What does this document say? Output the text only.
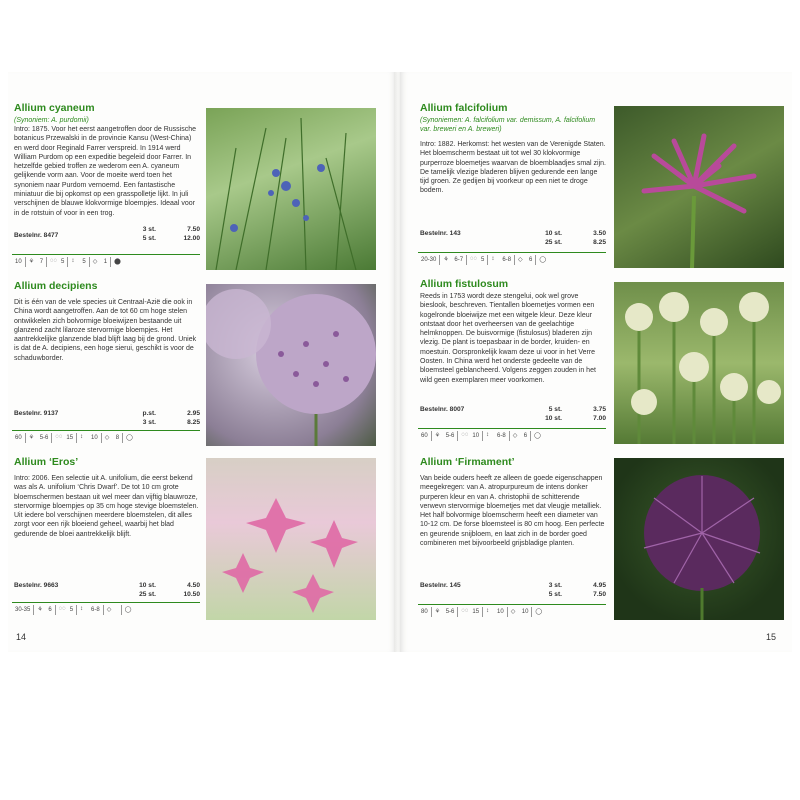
Allium cyaneum
(Synoniem: A. purdomii)
Intro: 1875. Voor het eerst aangetroffen door de Russische botanicus Przewalski in de provincie Kansu (West-China) en werd door Reginald Farrer verspreid. In 1914 werd William Purdom op een expeditie begeleid door Farrer. In hetzelfde gebied troffen ze wederom een A. cyaneum gelijkende vorm aan. Voor de moeite werd toen het synoniem naar Purdom vernoemd. Een fantastische miniatuur die bij opkomst op een grasspolletje lijkt. In juli verschijnen de blauwe klokvormige bloempjes. Ideaal voor in de rotstuin of voor in een trog.
Bestelnr. 8477
3 st.	7.50
5 st.	12.00
10 ⚘ 7 ◌◌ 5 ↕	5 ◇	1 ⬤
Allium decipiens
Dit is één van de vele species uit Centraal-Azië die ook in China wordt aangetroffen. Aan de tot 60 cm hoge stelen ontwikkelen zich bolvormige bloeiwijzen bestaande uit glanzend zacht lilaroze stervormige bloempjes. Het aantrekkelijke glanzende blad blijft laag bij de grond. Uniek is dat de A. decipiens, een hoge sierui, geschikt is voor de schaduwborder.
Bestelnr. 9137	p.st.	2.95
3 st.	8.25
60 ⚘ 5-6 ◌◌ 15 ↕	10 ◇	8 ◯
Allium ‘Eros’
Intro: 2006. Een selectie uit A. unifolium, die eerst bekend was als A. unifolium ‘Chris Dwarf’. De tot 10 cm grote bloemschermen bestaan uit wel meer dan vijftig blauwroze, stervormige bloempjes op 35 cm hoge stevige bloemstelen. Uit iedere bol verschijnen meerdere bloemstelen, dit alles zorgt voor een rijk bloeiend geheel, waarbij het blad gedurende de bloei aantrekkelijk blijft.
Bestelnr. 9663	10 st.	4.50
25 st.	10.50
30-35 ⚘ 6 ◌◌ 5 ↕	6-8 ◇	◯
14
Allium falcifolium
(Synoniemen: A. falcifolium var. demissum, A. falcifolium var. breweri en A. breweri)
Intro: 1882. Herkomst: het westen van de Verenigde Staten. Het bloemscherm bestaat uit tot wel 30 klokvormige purperroze bloemetjes waarvan de bloemblaadjes smal zijn. De tamelijk vlezige bladeren blijven gedurende een lange tijd groen. Ze gedijen bij voorkeur op een niet te droge bodem.
Bestelnr. 143	10 st.	3.50
25 st.	8.25
20-30 ⚘ 6-7 ◌◌ 5 ↕	6-8 ◇	6 ◯
Allium fistulosum
Reeds in 1753 wordt deze stengelui, ook wel grove bieslook, beschreven. Tientallen bloemetjes vormen een kogelronde bloeiwijze met een witgele kleur. Deze kleur ontstaat door het overheersen van de geelachtige helmknoppen. De buisvormige (fistulosus) bladeren zijn vlezig. De plant is toepasbaar in de border, kruiden- en moestuin. Oorspronkelijk kwam deze ui voor in het Verre Oosten. In China werd het onderste gedeelte van de bloemsteel geblancheerd. Volgens zeggen zouden in het wild geen exemplaren meer voorkomen.
Bestelnr. 8007	5 st.	3.75
10 st.	7.00
60 ⚘ 5-6 ◌◌ 10 ↕	6-8 ◇	6 ◯
Allium ‘Firmament’
Van beide ouders heeft ze alleen de goede eigenschappen meegekregen: van A. atropurpureum de intens donker purperen kleur en van A. christophii de schitterende verwevn stervormige bloemetjes met dat vleugje metalliek. Het half bolvormige bloemscherm heeft een diameter van 10-12 cm. De forse bloemsteel is 80 cm hoog. Een perfecte en geurende snijbloem, en laat zich in de border goed combineren met bijvoorbeeld grijsbladige planten.
Bestelnr. 145	3 st.	4.95
5 st.	7.50
80 ⚘ 5-6 ◌◌ 15 ↕	10 ◇	10 ◯
15
